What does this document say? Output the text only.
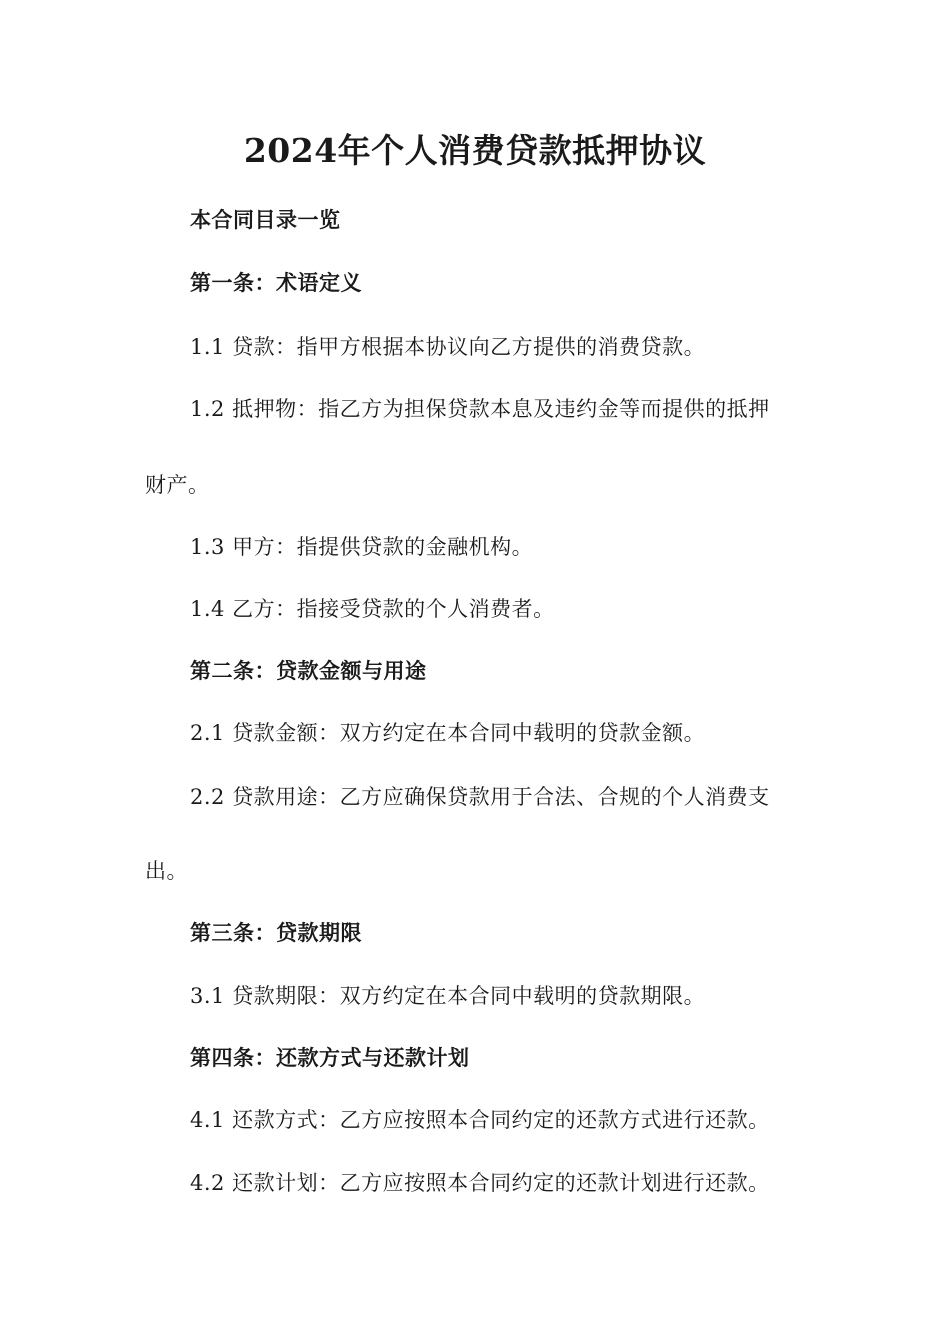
2024年个人消费贷款抵押协议
本合同目录一览
第一条：术语定义
1.1 贷款：指甲方根据本协议向乙方提供的消费贷款。
1.2 抵押物：指乙方为担保贷款本息及违约金等而提供的抵押
财产。
1.3 甲方：指提供贷款的金融机构。
1.4 乙方：指接受贷款的个人消费者。
第二条：贷款金额与用途
2.1 贷款金额：双方约定在本合同中载明的贷款金额。
2.2 贷款用途：乙方应确保贷款用于合法、合规的个人消费支
出。
第三条：贷款期限
3.1 贷款期限：双方约定在本合同中载明的贷款期限。
第四条：还款方式与还款计划
4.1 还款方式：乙方应按照本合同约定的还款方式进行还款。
4.2 还款计划：乙方应按照本合同约定的还款计划进行还款。
